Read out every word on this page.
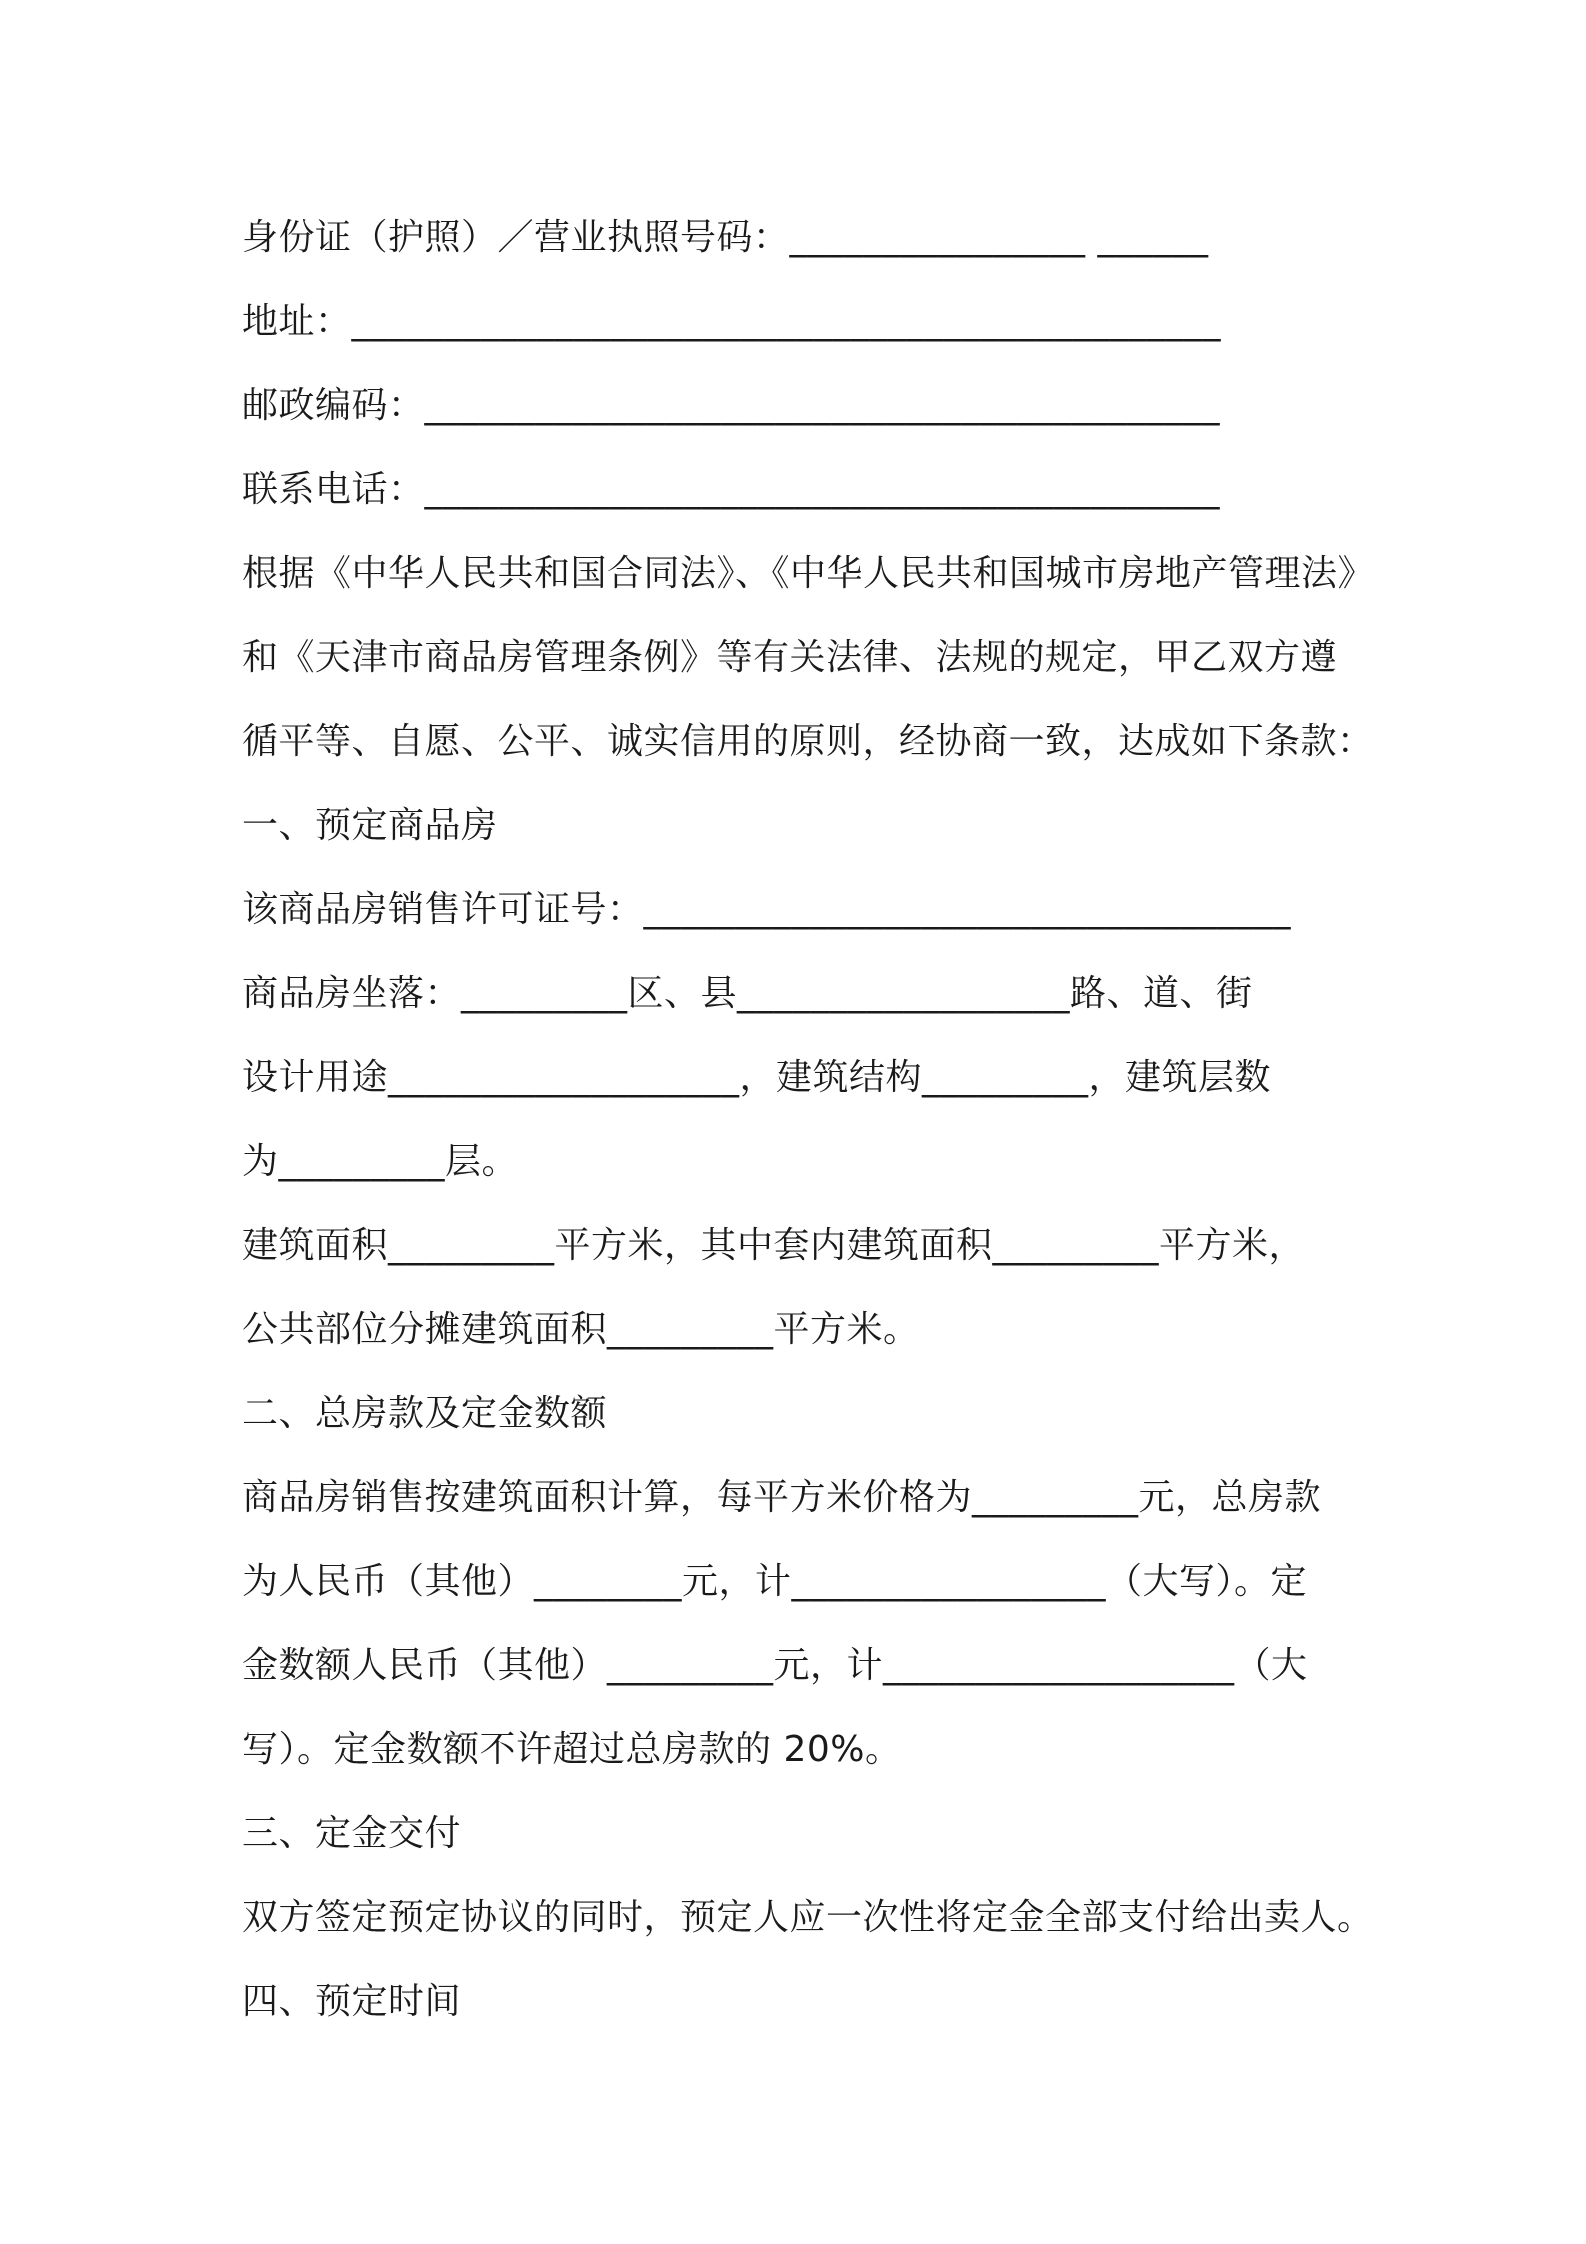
身份证（护照）／营业执照号码：________________ ______
地址：_______________________________________________
邮政编码：___________________________________________
联系电话：___________________________________________
根据《中华人民共和国合同法》、《中华人民共和国城市房地产管理法》
和《天津市商品房管理条例》等有关法律、法规的规定，甲乙双方遵
循平等、自愿、公平、诚实信用的原则，经协商一致，达成如下条款：
一、预定商品房
该商品房销售许可证号：___________________________________
商品房坐落：_________区、县__________________路、道、街
设计用途___________________，建筑结构_________，建筑层数
为_________层。
建筑面积_________平方米，其中套内建筑面积_________平方米，
公共部位分摊建筑面积_________平方米。
二、总房款及定金数额
商品房销售按建筑面积计算，每平方米价格为_________元，总房款
为人民币（其他）________元，计_________________（大写）。定
金数额人民币（其他）_________元，计___________________（大
写）。定金数额不许超过总房款的 20%。
三、定金交付
双方签定预定协议的同时，预定人应一次性将定金全部支付给出卖人。
四、预定时间
